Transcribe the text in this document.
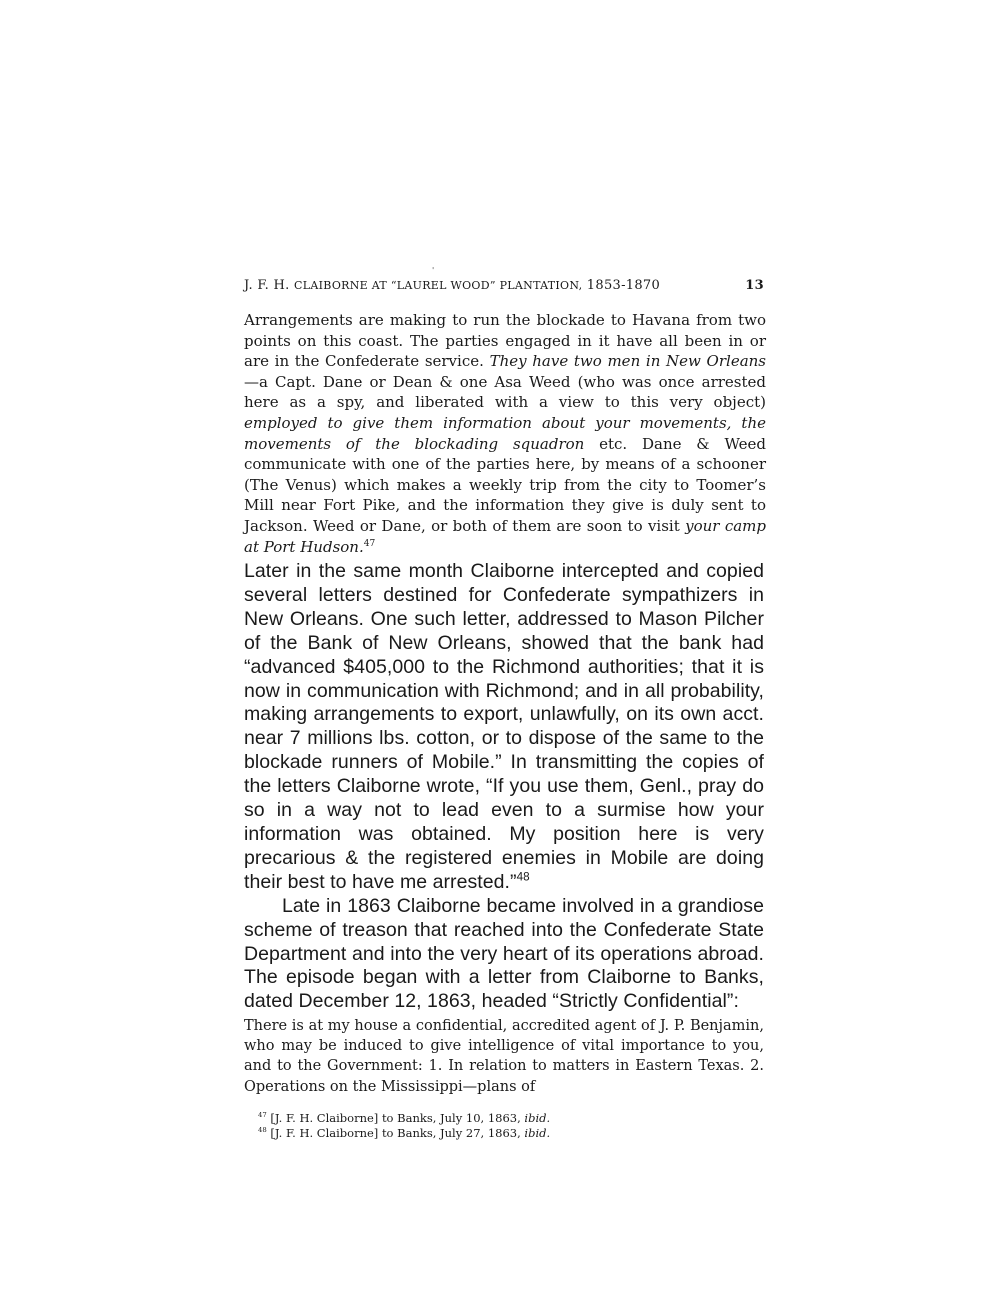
'
J. F. H. CLAIBORNE AT “LAUREL WOOD” PLANTATION, 1853-1870	13
Arrangements are making to run the blockade to Havana from two points on this coast. The parties engaged in it have all been in or are in the Confederate service. They have two men in New Orleans—a Capt. Dane or Dean & one Asa Weed (who was once arrested here as a spy, and liberated with a view to this very object) employed to give them information about your movements, the movements of the blockading squadron etc. Dane & Weed communicate with one of the parties here, by means of a schooner (The Venus) which makes a weekly trip from the city to Toomer’s Mill near Fort Pike, and the information they give is duly sent to Jackson. Weed or Dane, or both of them are soon to visit your camp at Port Hudson.$^{47}$

Later in the same month Claiborne intercepted and copied several letters destined for Confederate sympathizers in New Orleans. One such letter, addressed to Mason Pilcher of the Bank of New Orleans, showed that the bank had “advanced $405,000 to the Richmond authorities; that it is now in communication with Richmond; and in all probability, making arrangements to export, unlawfully, on its own acct. near 7 millions lbs. cotton, or to dispose of the same to the blockade runners of Mobile.” In transmitting the copies of the letters Claiborne wrote, “If you use them, Genl., pray do so in a way not to lead even to a surmise how your information was obtained. My position here is very precarious & the registered enemies in Mobile are doing their best to have me arrested.”$^{48}$

Late in 1863 Claiborne became involved in a grandiose scheme of treason that reached into the Confederate State Department and into the very heart of its operations abroad. The episode began with a letter from Claiborne to Banks, dated December 12, 1863, headed “Strictly Confidential”:

There is at my house a confidential, accredited agent of J. P. Benjamin, who may be induced to give intelligence of vital importance to you, and to the Government: 1. In relation to matters in Eastern Texas. 2. Operations on the Mississippi—plans of
$^{47}$ [J. F. H. Claiborne] to Banks, July 10, 1863, ibid.
$^{48}$ [J. F. H. Claiborne] to Banks, July 27, 1863, ibid.
